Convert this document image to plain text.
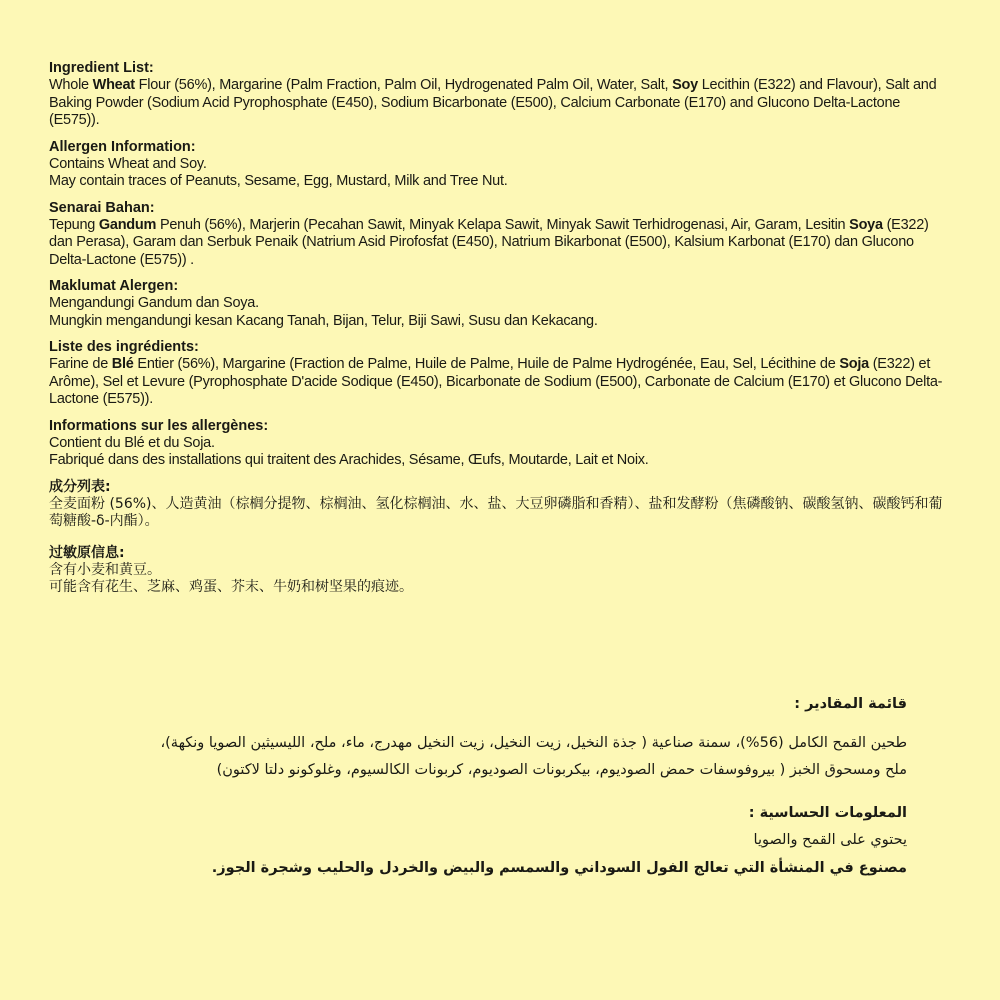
Ingredient List:

Whole Wheat Flour (56%), Margarine (Palm Fraction, Palm Oil, Hydrogenated Palm Oil, Water, Salt, Soy Lecithin (E322) and Flavour), Salt and Baking Powder (Sodium Acid Pyrophosphate (E450), Sodium Bicarbonate (E500), Calcium Carbonate (E170) and Glucono Delta-Lactone (E575)).

Allergen Information:

Contains Wheat and Soy.

May contain traces of Peanuts, Sesame, Egg, Mustard, Milk and Tree Nut.

Senarai Bahan:

Tepung Gandum Penuh (56%), Marjerin (Pecahan Sawit, Minyak Kelapa Sawit, Minyak Sawit Terhidrogenasi, Air, Garam, Lesitin Soya (E322) dan Perasa), Garam dan Serbuk Penaik (Natrium Asid Pirofosfat (E450), Natrium Bikarbonat (E500), Kalsium Karbonat (E170) dan Glucono Delta-Lactone (E575)) .

Maklumat Alergen:

Mengandungi Gandum dan Soya.

Mungkin mengandungi kesan Kacang Tanah, Bijan, Telur, Biji Sawi, Susu dan Kekacang.

Liste des ingrédients:

Farine de Blé Entier (56%), Margarine (Fraction de Palme, Huile de Palme, Huile de Palme Hydrogénée, Eau, Sel, Lécithine de Soja (E322) et Arôme), Sel et Levure (Pyrophosphate D'acide Sodique (E450), Bicarbonate de Sodium (E500), Carbonate de Calcium (E170) et Glucono Delta-Lactone (E575)).

Informations sur les allergènes:

Contient du Blé et du Soja.

Fabriqué dans des installations qui traitent des Arachides, Sésame, Œufs, Moutarde, Lait et Noix.

成分列表:

全麦面粉 (56%)、人造黄油（棕榈分提物、棕榈油、氢化棕榈油、水、盐、大豆卵磷脂和香精）、盐和发酵粉（焦磷酸钠、碳酸氢钠、碳酸钙和葡萄糖酸-δ-内酯）。

过敏原信息:

含有小麦和黄豆。

可能含有花生、芝麻、鸡蛋、芥末、牛奶和树坚果的痕迹。

قائمة المقادير :

طحين القمح الكامل (56%)، سمنة صناعية ( جذة النخيل، زيت النخيل، زيت النخيل مهدرج، ماء، ملح، الليسيثين الصويا ونكهة)، ملح ومسحوق الخبز ( بيروفوسفات حمض الصوديوم، بيكربونات الصوديوم، كربونات الكالسيوم، وغلوكونو دلتا لاكتون)

المعلومات الحساسية :

يحتوي على القمح والصويا

مصنوع في المنشأة التي تعالج الفول السوداني والسمسم والبيض والخردل والحليب وشجرة الجوز.
